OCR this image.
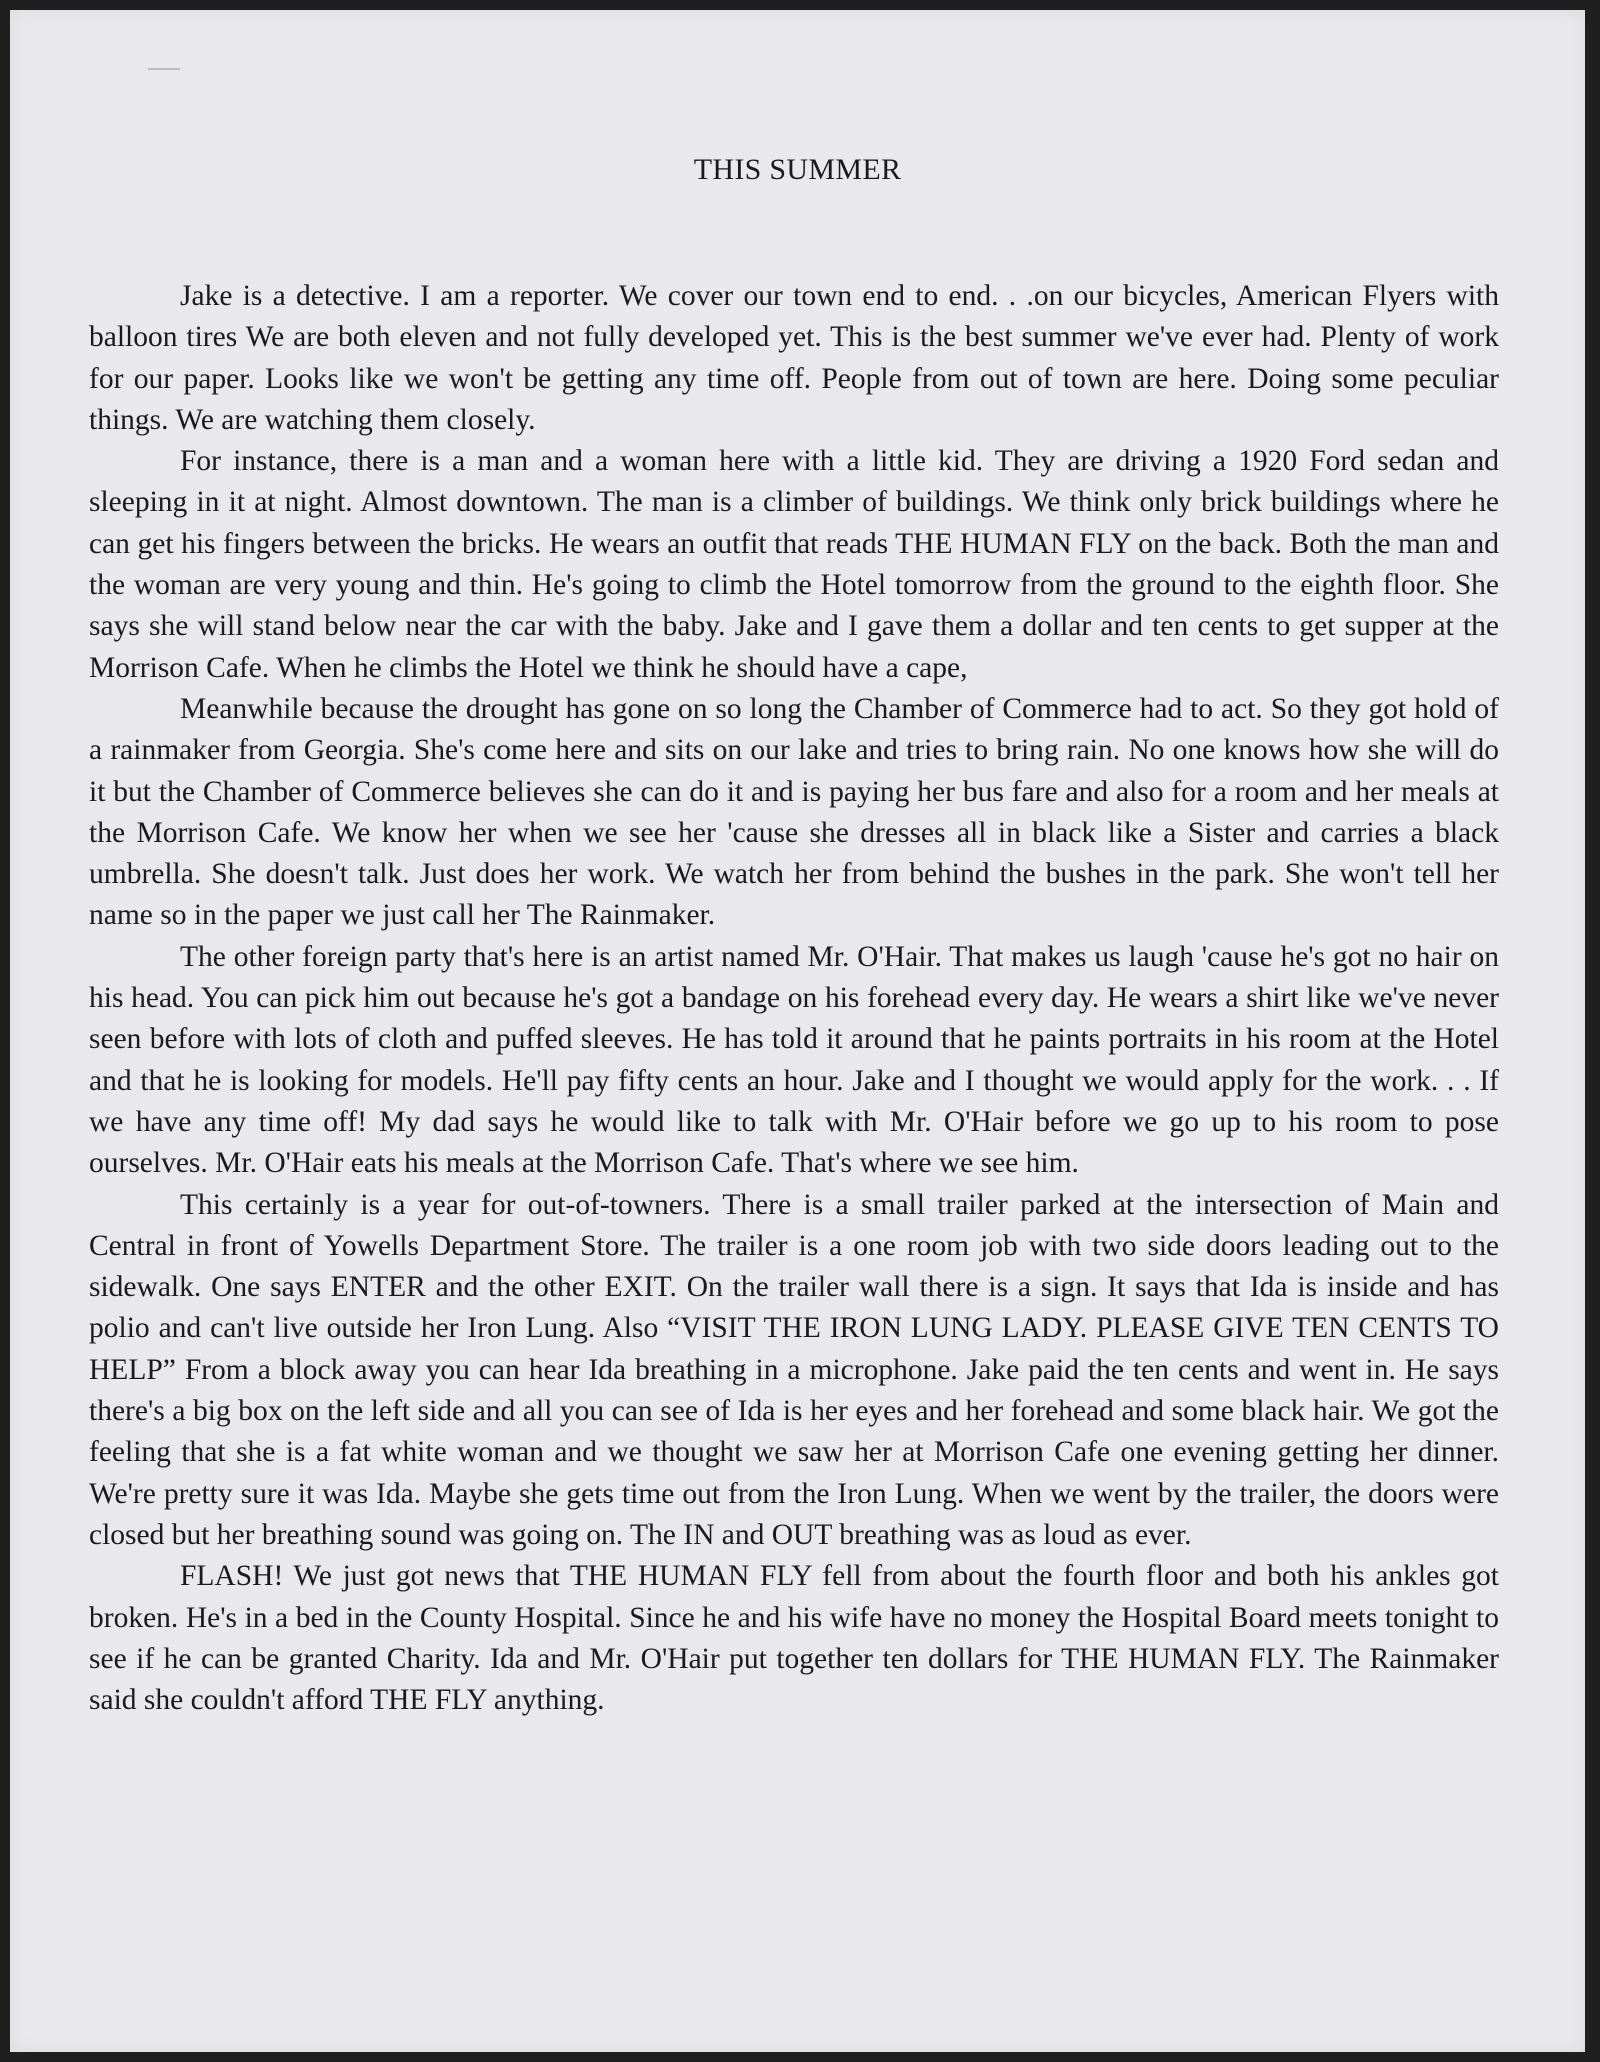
THIS SUMMER

Jake is a detective. I am a reporter. We cover our town end to end. . .on our bicycles, American Flyers with balloon tires We are both eleven and not fully developed yet. This is the best summer we've ever had. Plenty of work for our paper. Looks like we won't be getting any time off. People from out of town are here. Doing some peculiar things. We are watching them closely.

For instance, there is a man and a woman here with a little kid. They are driving a 1920 Ford sedan and sleeping in it at night. Almost downtown. The man is a climber of buildings. We think only brick buildings where he can get his fingers between the bricks. He wears an outfit that reads THE HUMAN FLY on the back. Both the man and the woman are very young and thin. He's going to climb the Hotel tomorrow from the ground to the eighth floor. She says she will stand below near the car with the baby. Jake and I gave them a dollar and ten cents to get supper at the Morrison Cafe. When he climbs the Hotel we think he should have a cape,

Meanwhile because the drought has gone on so long the Chamber of Commerce had to act. So they got hold of a rainmaker from Georgia. She's come here and sits on our lake and tries to bring rain. No one knows how she will do it but the Chamber of Commerce believes she can do it and is paying her bus fare and also for a room and her meals at the Morrison Cafe. We know her when we see her 'cause she dresses all in black like a Sister and carries a black umbrella. She doesn't talk. Just does her work. We watch her from behind the bushes in the park. She won't tell her name so in the paper we just call her The Rainmaker.

The other foreign party that's here is an artist named Mr. O'Hair. That makes us laugh 'cause he's got no hair on his head. You can pick him out because he's got a bandage on his forehead every day. He wears a shirt like we've never seen before with lots of cloth and puffed sleeves. He has told it around that he paints portraits in his room at the Hotel and that he is looking for models. He'll pay fifty cents an hour. Jake and I thought we would apply for the work. . . If we have any time off! My dad says he would like to talk with Mr. O'Hair before we go up to his room to pose ourselves. Mr. O'Hair eats his meals at the Morrison Cafe. That's where we see him.

This certainly is a year for out-of-towners. There is a small trailer parked at the intersection of Main and Central in front of Yowells Department Store. The trailer is a one room job with two side doors leading out to the sidewalk. One says ENTER and the other EXIT. On the trailer wall there is a sign. It says that Ida is inside and has polio and can't live outside her Iron Lung. Also “VISIT THE IRON LUNG LADY. PLEASE GIVE TEN CENTS TO HELP” From a block away you can hear Ida breathing in a microphone. Jake paid the ten cents and went in. He says there's a big box on the left side and all you can see of Ida is her eyes and her forehead and some black hair. We got the feeling that she is a fat white woman and we thought we saw her at Morrison Cafe one evening getting her dinner. We're pretty sure it was Ida. Maybe she gets time out from the Iron Lung. When we went by the trailer, the doors were closed but her breathing sound was going on. The IN and OUT breathing was as loud as ever.

FLASH! We just got news that THE HUMAN FLY fell from about the fourth floor and both his ankles got broken. He's in a bed in the County Hospital. Since he and his wife have no money the Hospital Board meets tonight to see if he can be granted Charity. Ida and Mr. O'Hair put together ten dollars for THE HUMAN FLY. The Rainmaker said she couldn't afford THE FLY anything.
